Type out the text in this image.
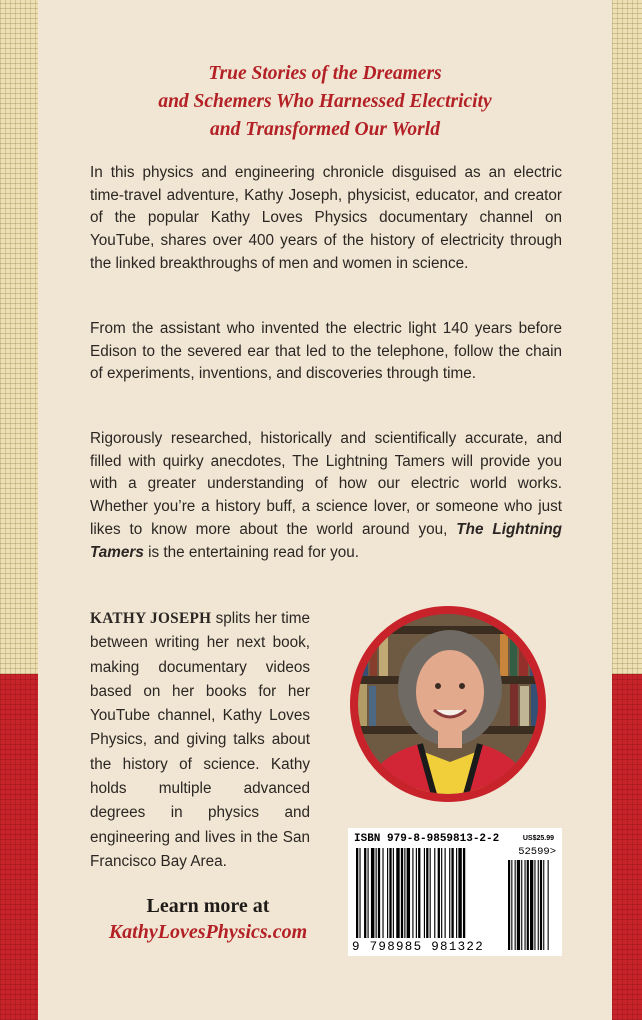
True Stories of the Dreamers
and Schemers Who Harnessed Electricity
and Transformed Our World

In this physics and engineering chronicle disguised as an electric time-travel adventure, Kathy Joseph, physicist, educator, and creator of the popular Kathy Loves Physics documentary channel on YouTube, shares over 400 years of the history of electricity through the linked breakthroughs of men and women in science.

From the assistant who invented the electric light 140 years before Edison to the severed ear that led to the telephone, follow the chain of experiments, inventions, and discoveries through time.

Rigorously researched, historically and scientifically accurate, and filled with quirky anecdotes, The Lightning Tamers will provide you with a greater understanding of how our electric world works. Whether you’re a history buff, a science lover, or someone who just likes to know more about the world around you, The Lightning Tamers is the entertaining read for you.

KATHY JOSEPH splits her time between writing her next book, making documentary videos based on her books for her YouTube channel, Kathy Loves Physics, and giving talks about the history of science. Kathy holds multiple advanced degrees in physics and engineering and lives in the San Francisco Bay Area.
Learn more at
KathyLovesPhysics.com
ISBN 979-8-9859813-2-2	US$25.99
52599>
9 798985 981322
